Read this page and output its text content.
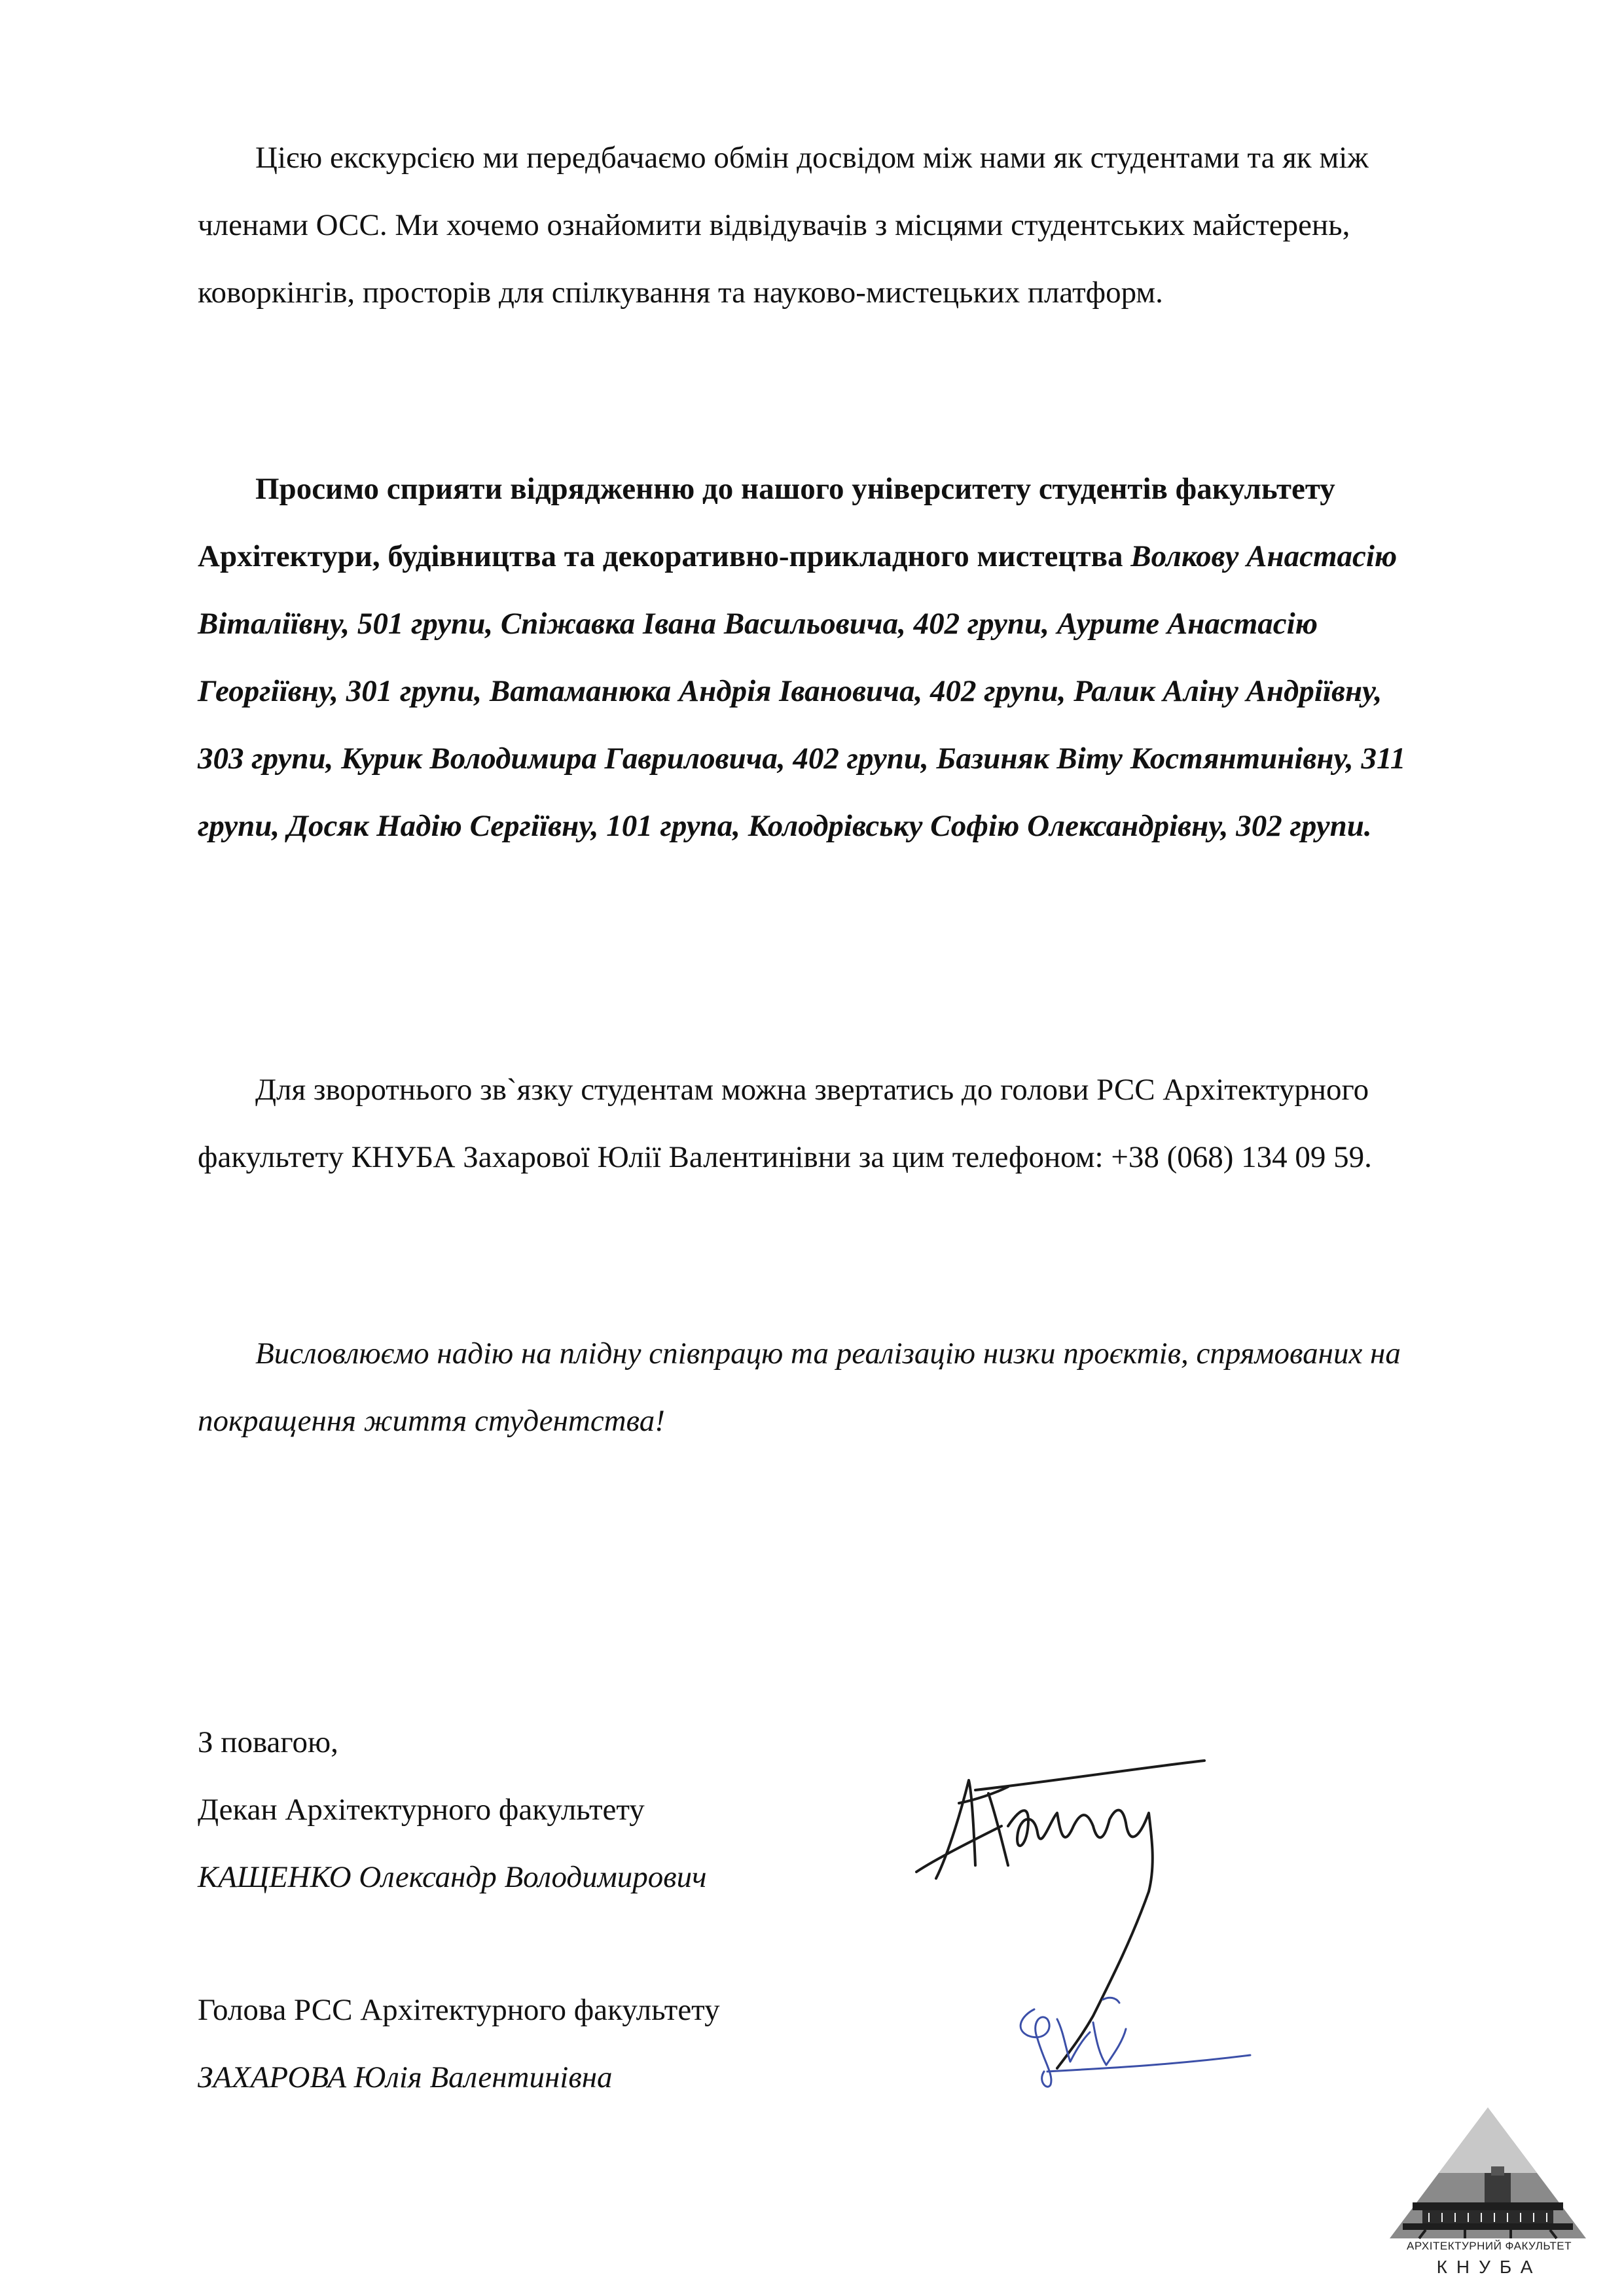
Цією екскурсією ми передбачаємо обмін досвідом між нами як студентами та як між членами ОСС. Ми хочемо ознайомити відвідувачів з місцями студентських майстерень, коворкінгів, просторів для спілкування та науково-мистецьких платформ.

Просимо сприяти відрядженню до нашого університету студентів факультету Архітектури, будівництва та декоративно-прикладного мистецтва Волкову Анастасію Віталіївну, 501 групи, Спіжавка Івана Васильовича, 402 групи, Аурите Анастасію Георгіївну, 301 групи, Ватаманюка Андрія Івановича, 402 групи, Ралик Аліну Андріївну, 303 групи, Курик Володимира Гавриловича, 402 групи, Базиняк Віту Костянтинівну, 311 групи, Досяк Надію Сергіївну, 101 група, Колодрівську Софію Олександрівну, 302 групи.

Для зворотнього зв`язку студентам можна звертатись до голови РСС Архітектурного факультету КНУБА Захарової Юлії Валентинівни за цим телефоном: +38 (068) 134 09 59.

Висловлюємо надію на плідну співпрацю та реалізацію низки проєктів, спрямованих на покращення життя студентства!

З повагою,

Декан Архітектурного факультету

КАЩЕНКО Олександр Володимирович

Голова РСС Архітектурного факультету

ЗАХАРОВА Юлія Валентинівна

АРХІТЕКТУРНИЙ ФАКУЛЬТЕТ

КНУБА
